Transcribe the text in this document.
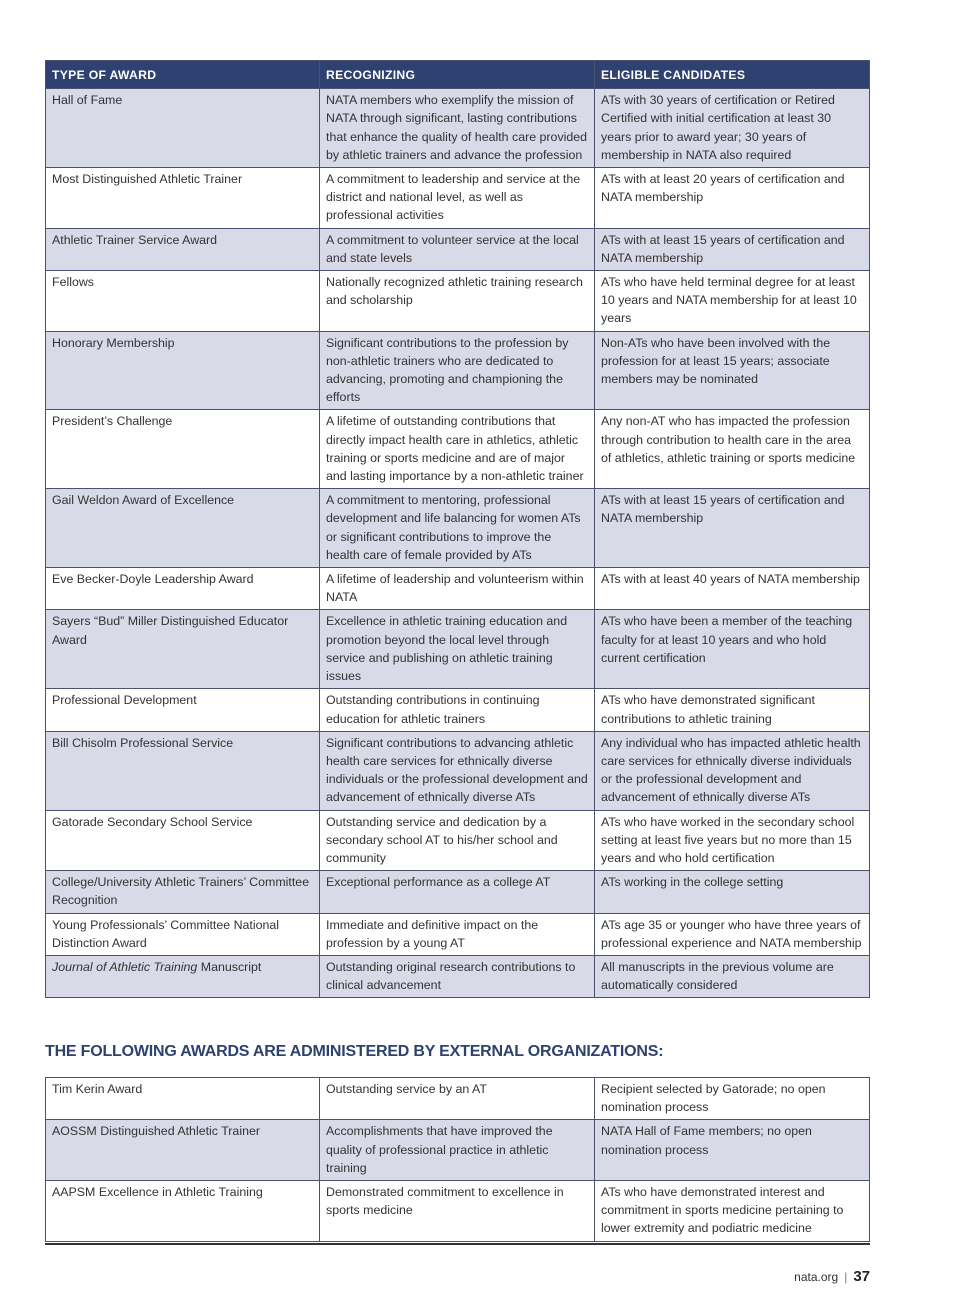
TYPE OF AWARD	RECOGNIZING	ELIGIBLE CANDIDATES
Hall of Fame	NATA members who exemplify the mission of NATA through significant, lasting contributions that enhance the quality of health care provided by athletic trainers and advance the profession	ATs with 30 years of certification or Retired Certified with initial certification at least 30 years prior to award year; 30 years of membership in NATA also required
Most Distinguished Athletic Trainer	A commitment to leadership and service at the district and national level, as well as professional activities	ATs with at least 20 years of certification and NATA membership
Athletic Trainer Service Award	A commitment to volunteer service at the local and state levels	ATs with at least 15 years of certification and NATA membership
Fellows	Nationally recognized athletic training research and scholarship	ATs who have held terminal degree for at least 10 years and NATA membership for at least 10 years
Honorary Membership	Significant contributions to the profession by non-athletic trainers who are dedicated to advancing, promoting and championing the efforts	Non-ATs who have been involved with the profession for at least 15 years; associate members may be nominated
President’s Challenge	A lifetime of outstanding contributions that directly impact health care in athletics, athletic training or sports medicine and are of major and lasting importance by a non-athletic trainer	Any non-AT who has impacted the profession through contribution to health care in the area of athletics, athletic training or sports medicine
Gail Weldon Award of Excellence	A commitment to mentoring, professional development and life balancing for women ATs or significant contributions to improve the health care of female provided by ATs	ATs with at least 15 years of certification and NATA membership
Eve Becker-Doyle Leadership Award	A lifetime of leadership and volunteerism within NATA	ATs with at least 40 years of NATA membership
Sayers “Bud” Miller Distinguished Educator Award	Excellence in athletic training education and promotion beyond the local level through service and publishing on athletic training issues	ATs who have been a member of the teaching faculty for at least 10 years and who hold current certification
Professional Development	Outstanding contributions in continuing education for athletic trainers	ATs who have demonstrated significant contributions to athletic training
Bill Chisolm Professional Service	Significant contributions to advancing athletic health care services for ethnically diverse individuals or the professional development and advancement of ethnically diverse ATs	Any individual who has impacted athletic health care services for ethnically diverse individuals or the professional development and advancement of ethnically diverse ATs
Gatorade Secondary School Service	Outstanding service and dedication by a secondary school AT to his/her school and community	ATs who have worked in the secondary school setting at least five years but no more than 15 years and who hold certification
College/University Athletic Trainers’ Committee Recognition	Exceptional performance as a college AT	ATs working in the college setting
Young Professionals’ Committee National Distinction Award	Immediate and definitive impact on the profession by a young AT	ATs age 35 or younger who have three years of professional experience and NATA membership
Journal of Athletic Training Manuscript	Outstanding original research contributions to clinical advancement	All manuscripts in the previous volume are automatically considered
THE FOLLOWING AWARDS ARE ADMINISTERED BY EXTERNAL ORGANIZATIONS:
Tim Kerin Award	Outstanding service by an AT	Recipient selected by Gatorade; no open nomination process
AOSSM Distinguished Athletic Trainer	Accomplishments that have improved the quality of professional practice in athletic training	NATA Hall of Fame members; no open nomination process
AAPSM Excellence in Athletic Training	Demonstrated commitment to excellence in sports medicine	ATs who have demonstrated interest and commitment in sports medicine pertaining to lower extremity and podiatric medicine
nata.org | 37
